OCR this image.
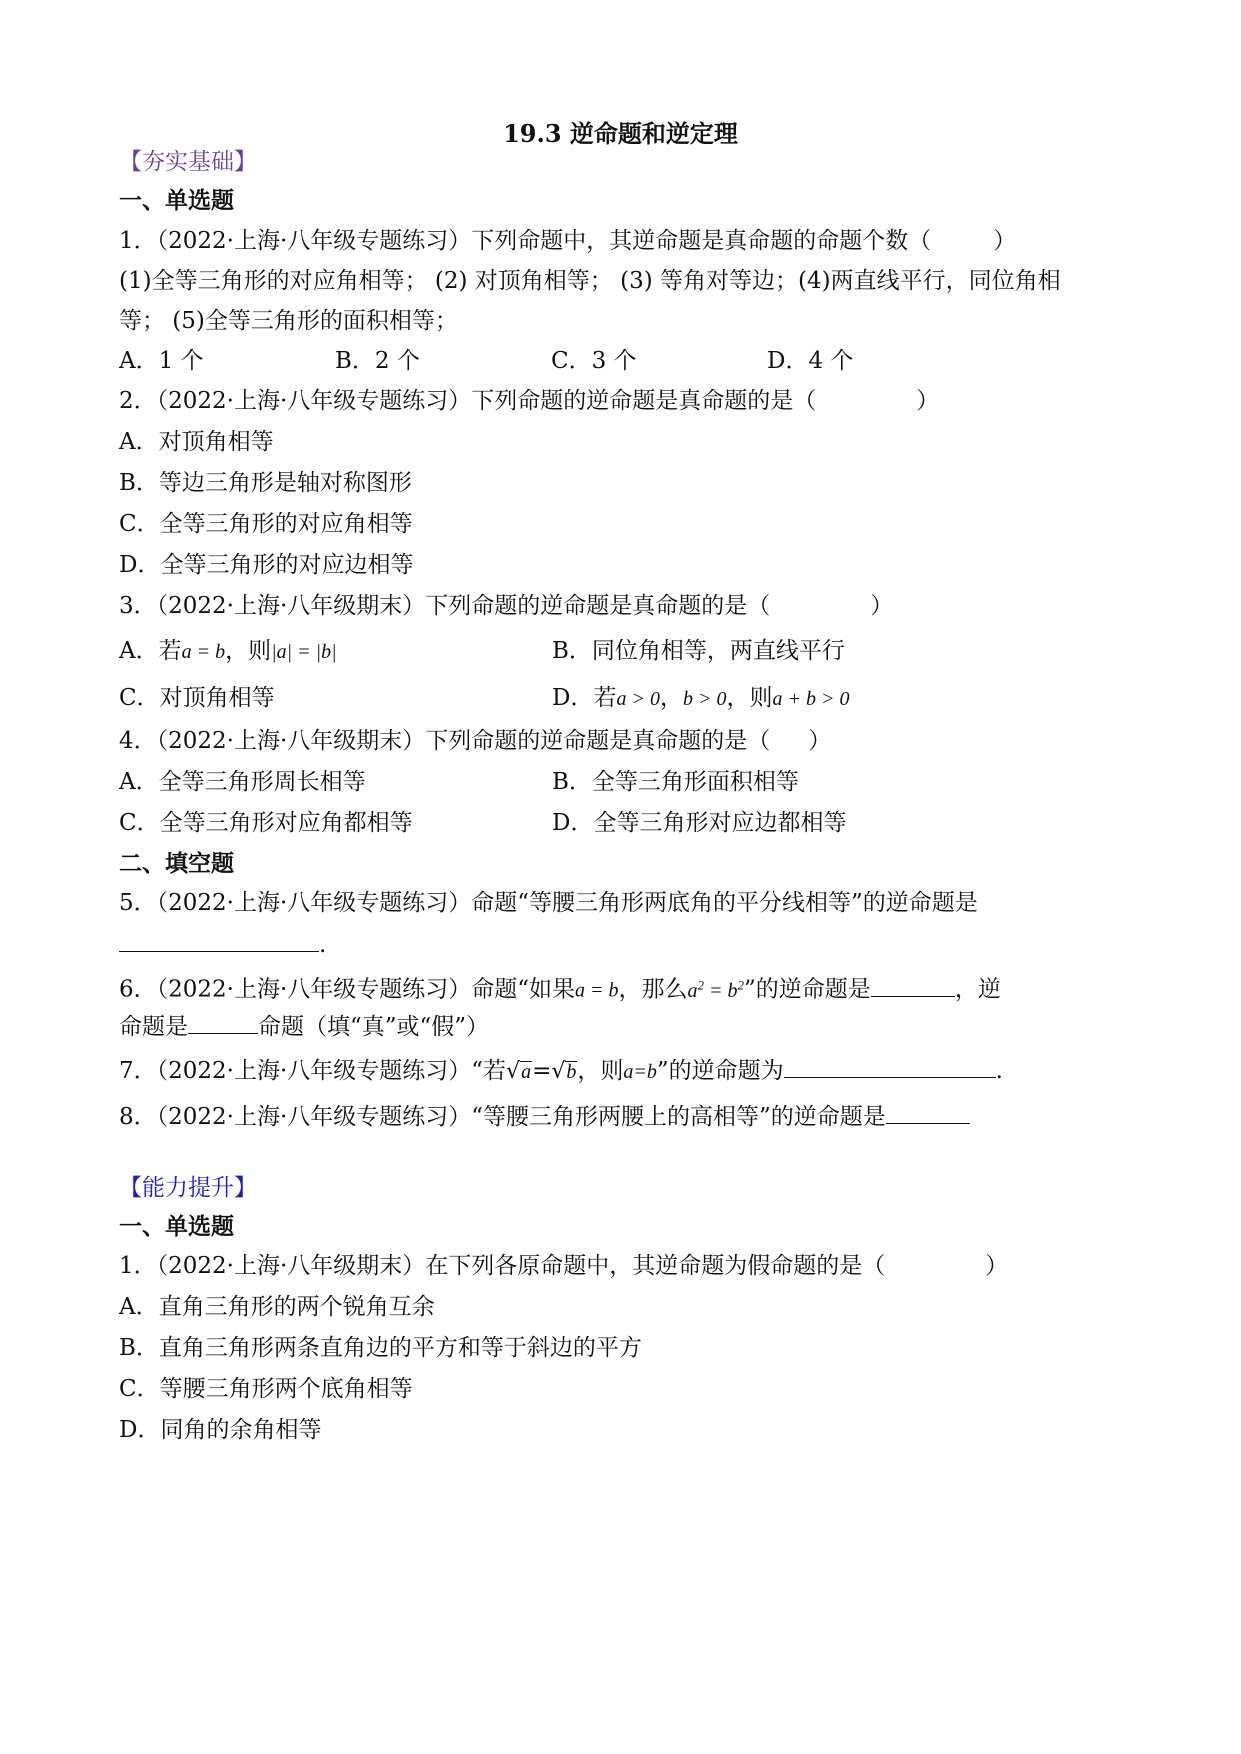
19.3 逆命题和逆定理
【夯实基础】
一、单选题
1．（2022·上海·八年级专题练习）下列命题中，其逆命题是真命题的命题个数（	）
(1)全等三角形的对应角相等； (2) 对顶角相等； (3) 等角对等边；(4)两直线平行，同位角相
等； (5)全等三角形的面积相等；
A．1 个	B．2 个	C．3 个	D．4 个
2．（2022·上海·八年级专题练习）下列命题的逆命题是真命题的是（	）
A．对顶角相等
B．等边三角形是轴对称图形
C．全等三角形的对应角相等
D．全等三角形的对应边相等
3．（2022·上海·八年级期末）下列命题的逆命题是真命题的是（	）
A．若a = b，则|a| = |b|	B．同位角相等，两直线平行
C．对顶角相等	D．若a > 0，b > 0，则a + b > 0
4．（2022·上海·八年级期末）下列命题的逆命题是真命题的是（ ）
A．全等三角形周长相等	B．全等三角形面积相等
C．全等三角形对应角都相等	D．全等三角形对应边都相等
二、填空题
5．（2022·上海·八年级专题练习）命题“等腰三角形两底角的平分线相等”的逆命题是
.
6．（2022·上海·八年级专题练习）命题“如果a = b，那么$a^2 = b^2$”的逆命题是	，逆
命题是	命题（填“真”或“假”）
7．（2022·上海·八年级专题练习）“若√a=√b，则a=b”的逆命题为	.
8．（2022·上海·八年级专题练习）“等腰三角形两腰上的高相等”的逆命题是
【能力提升】
一、单选题
1．（2022·上海·八年级期末）在下列各原命题中，其逆命题为假命题的是（	）
A．直角三角形的两个锐角互余
B．直角三角形两条直角边的平方和等于斜边的平方
C．等腰三角形两个底角相等
D．同角的余角相等
